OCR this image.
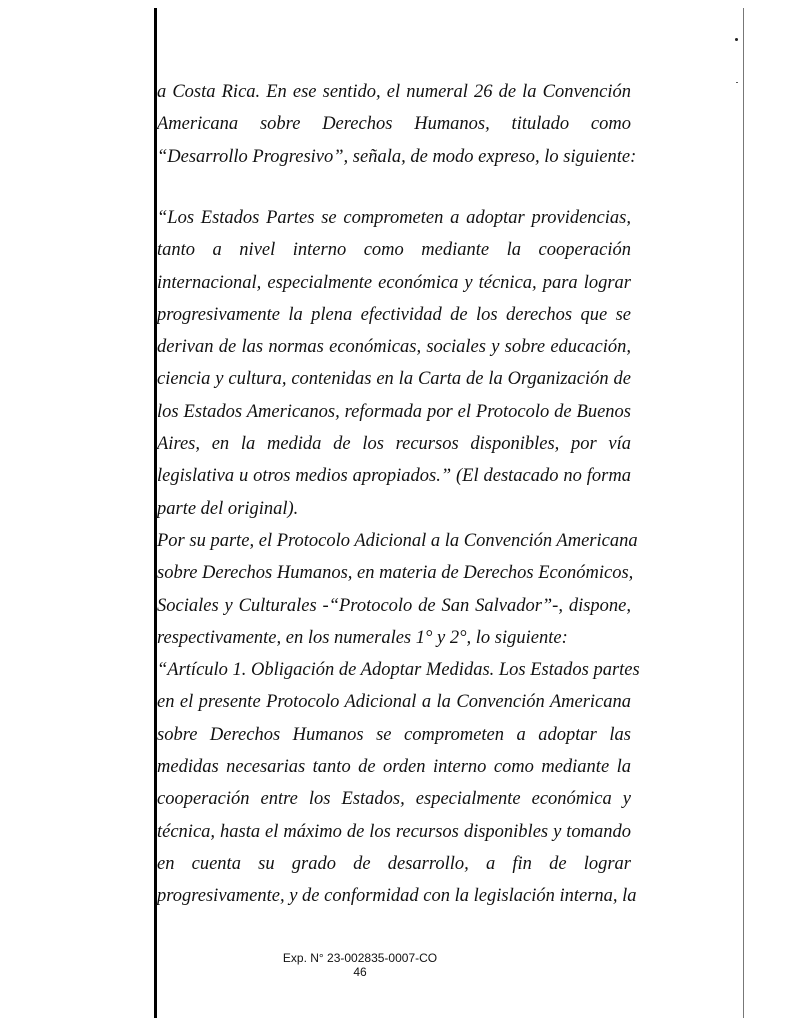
a Costa Rica. En ese sentido, el numeral 26 de la Convención
Americana sobre Derechos Humanos, titulado como
“Desarrollo Progresivo”, señala, de modo expreso, lo siguiente:
“Los Estados Partes se comprometen a adoptar providencias,
tanto a nivel interno como mediante la cooperación
internacional, especialmente económica y técnica, para lograr
progresivamente la plena efectividad de los derechos que se
derivan de las normas económicas, sociales y sobre educación,
ciencia y cultura, contenidas en la Carta de la Organización de
los Estados Americanos, reformada por el Protocolo de Buenos
Aires, en la medida de los recursos disponibles, por vía
legislativa u otros medios apropiados.” (El destacado no forma
parte del original).
Por su parte, el Protocolo Adicional a la Convención Americana
sobre Derechos Humanos, en materia de Derechos Económicos,
Sociales y Culturales -“Protocolo de San Salvador”-, dispone,
respectivamente, en los numerales 1° y 2°, lo siguiente:
“Artículo 1. Obligación de Adoptar Medidas. Los Estados partes
en el presente Protocolo Adicional a la Convención Americana
sobre Derechos Humanos se comprometen a adoptar las
medidas necesarias tanto de orden interno como mediante la
cooperación entre los Estados, especialmente económica y
técnica, hasta el máximo de los recursos disponibles y tomando
en cuenta su grado de desarrollo, a fin de lograr
progresivamente, y de conformidad con la legislación interna, la
Exp. N° 23-002835-0007-CO
46
